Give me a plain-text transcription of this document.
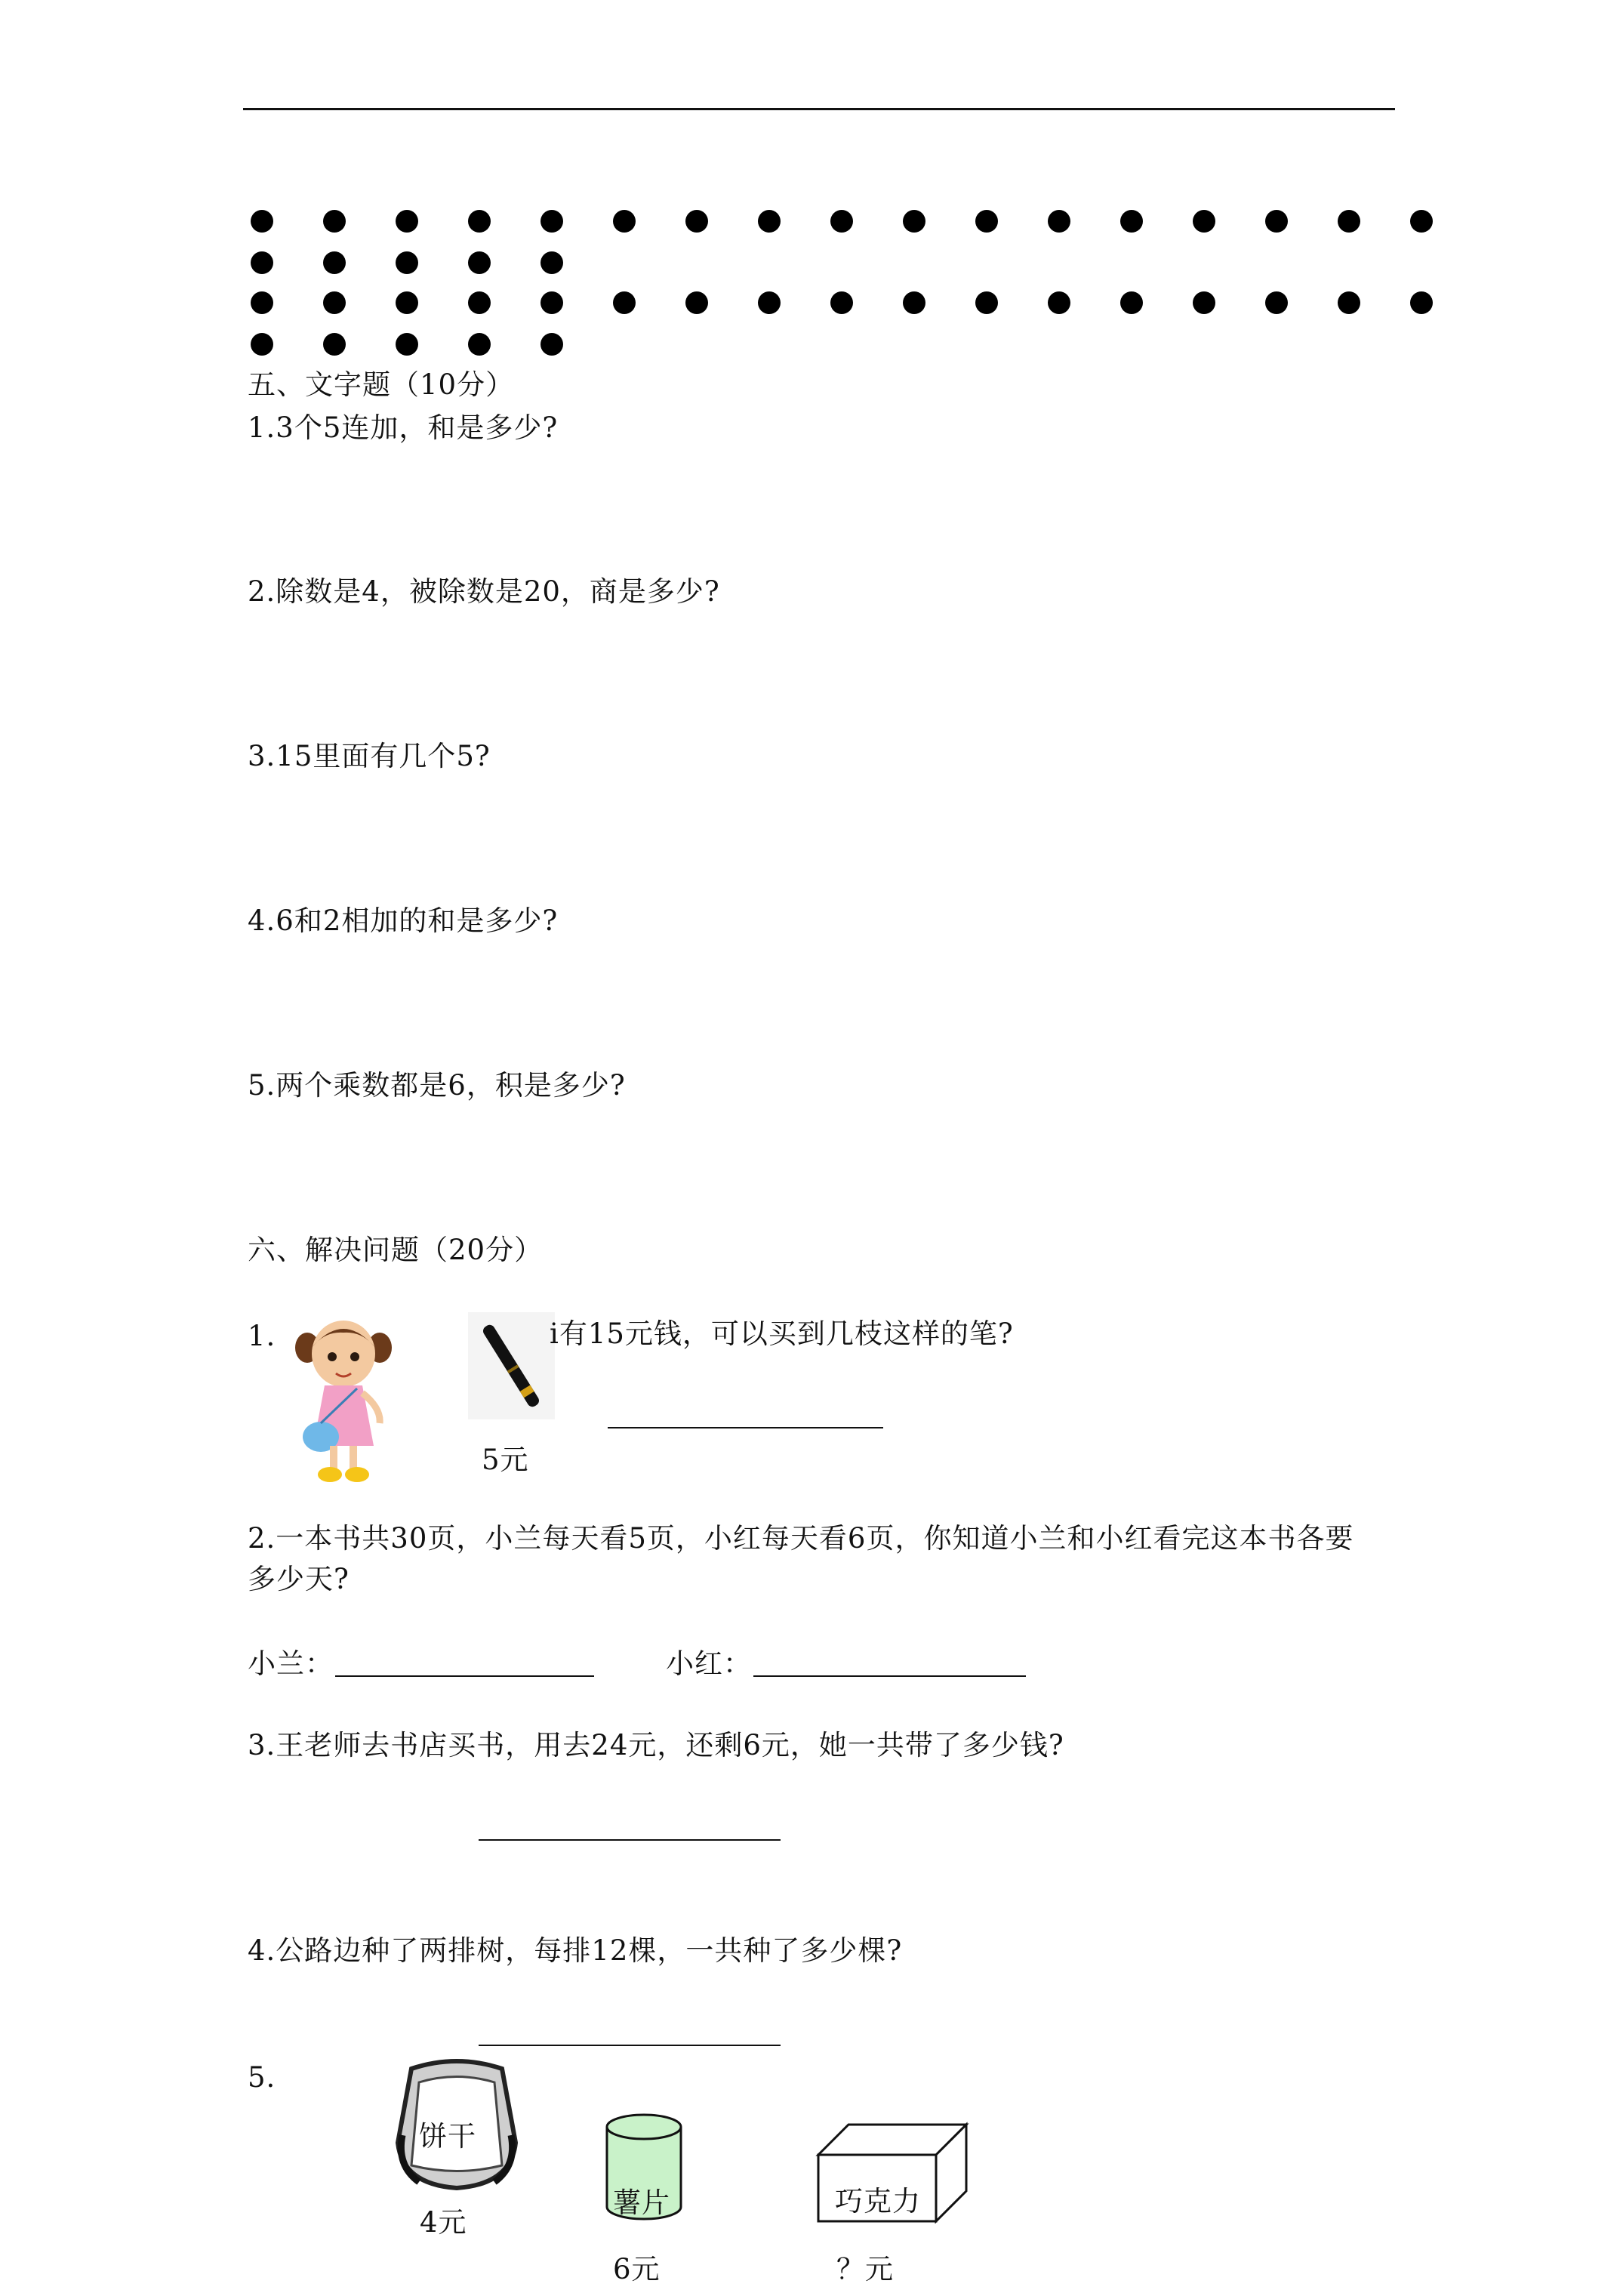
五、文字题（10分）
1.3个5连加，和是多少?
2.除数是4，被除数是20，商是多少?
3.15里面有几个5?
4.6和2相加的和是多少?
5.两个乘数都是6，积是多少?
六、解决问题（20分）
1.	i有15元钱，可以买到几枝这样的笔?
5元
2.一本书共30页，小兰每天看5页，小红每天看6页，你知道小兰和小红看完这本书各要
多少天?
小兰：	小红：
3.王老师去书店买书，用去24元，还剩6元，她一共带了多少钱?
4.公路边种了两排树，每排12棵，一共种了多少棵?
5.
饼干
4元
薯片
6元
巧克力
？元
